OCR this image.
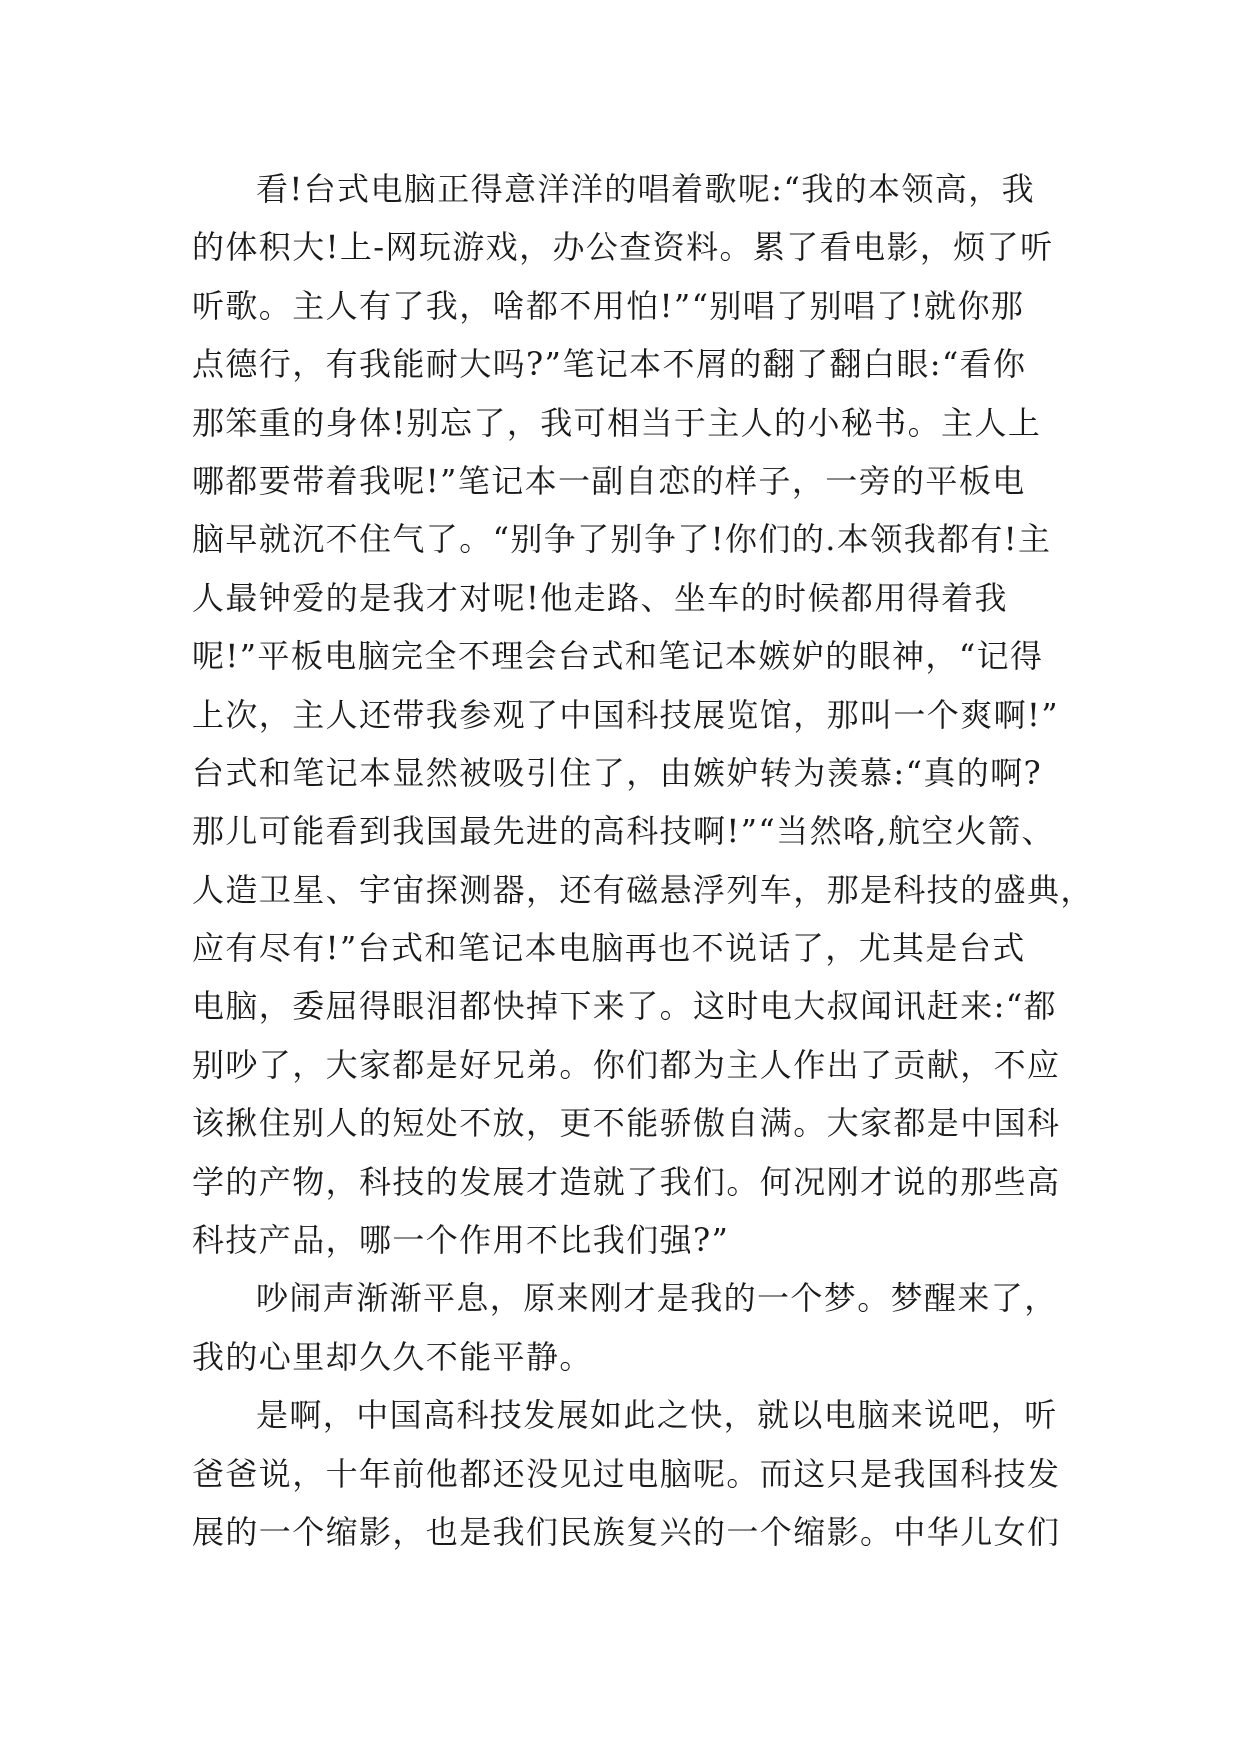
看!台式电脑正得意洋洋的唱着歌呢:“我的本领高，我
的体积大!上-网玩游戏，办公查资料。累了看电影，烦了听
听歌。主人有了我，啥都不用怕!”“别唱了别唱了!就你那
点德行，有我能耐大吗?”笔记本不屑的翻了翻白眼:“看你
那笨重的身体!别忘了，我可相当于主人的小秘书。主人上
哪都要带着我呢!”笔记本一副自恋的样子，一旁的平板电
脑早就沉不住气了。“别争了别争了!你们的.本领我都有!主
人最钟爱的是我才对呢!他走路、坐车的时候都用得着我
呢!”平板电脑完全不理会台式和笔记本嫉妒的眼神，“记得
上次，主人还带我参观了中国科技展览馆，那叫一个爽啊!”
台式和笔记本显然被吸引住了，由嫉妒转为羡慕:“真的啊?
那儿可能看到我国最先进的高科技啊!”“当然咯,航空火箭、
人造卫星、宇宙探测器，还有磁悬浮列车，那是科技的盛典，
应有尽有!”台式和笔记本电脑再也不说话了，尤其是台式
电脑，委屈得眼泪都快掉下来了。这时电大叔闻讯赶来:“都
别吵了，大家都是好兄弟。你们都为主人作出了贡献，不应
该揪住别人的短处不放，更不能骄傲自满。大家都是中国科
学的产物，科技的发展才造就了我们。何况刚才说的那些高
科技产品，哪一个作用不比我们强?”
吵闹声渐渐平息，原来刚才是我的一个梦。梦醒来了，
我的心里却久久不能平静。
是啊，中国高科技发展如此之快，就以电脑来说吧，听
爸爸说，十年前他都还没见过电脑呢。而这只是我国科技发
展的一个缩影，也是我们民族复兴的一个缩影。中华儿女们
